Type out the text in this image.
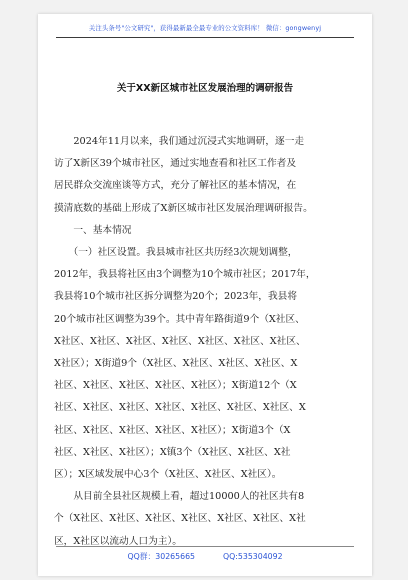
关注头条号"公文研究"，获得最新最全最专业的公文资料库！ 微信：gongwenyj
关于XX新区城市社区发展治理的调研报告
　　2024年11月以来，我们通过沉浸式实地调研，逐一走
访了X新区39个城市社区，通过实地查看和社区工作者及
居民群众交流座谈等方式，充分了解社区的基本情况，在
摸清底数的基础上形成了X新区城市社区发展治理调研报告。
　　一、基本情况
　　（一）社区设置。我县城市社区共历经3次规划调整，
2012年，我县将社区由3个调整为10个城市社区；2017年，
我县将10个城市社区拆分调整为20个；2023年，我县将
20个城市社区调整为39个。其中青年路街道9个（X社区、
X社区、X社区、X社区、X社区、X社区、X社区、X社区、
X社区）；X街道9个（X社区、X社区、X社区、X社区、X
社区、X社区、X社区、X社区、X社区）；X街道12个（X
社区、X社区、X社区、X社区、X社区、X社区、X社区、X
社区、X社区、X社区、X社区、X社区）；X街道3个（X
社区、X社区、X社区）；X镇3个（X社区、X社区、X社
区）；X区域发展中心3个（X社区、X社区、X社区）。
　　从目前全县社区规模上看，超过10000人的社区共有8
个（X社区、X社区、X社区、X社区、X社区、X社区、X社
区，X社区以流动人口为主）。
QQ群：30265665	QQ:535304092
